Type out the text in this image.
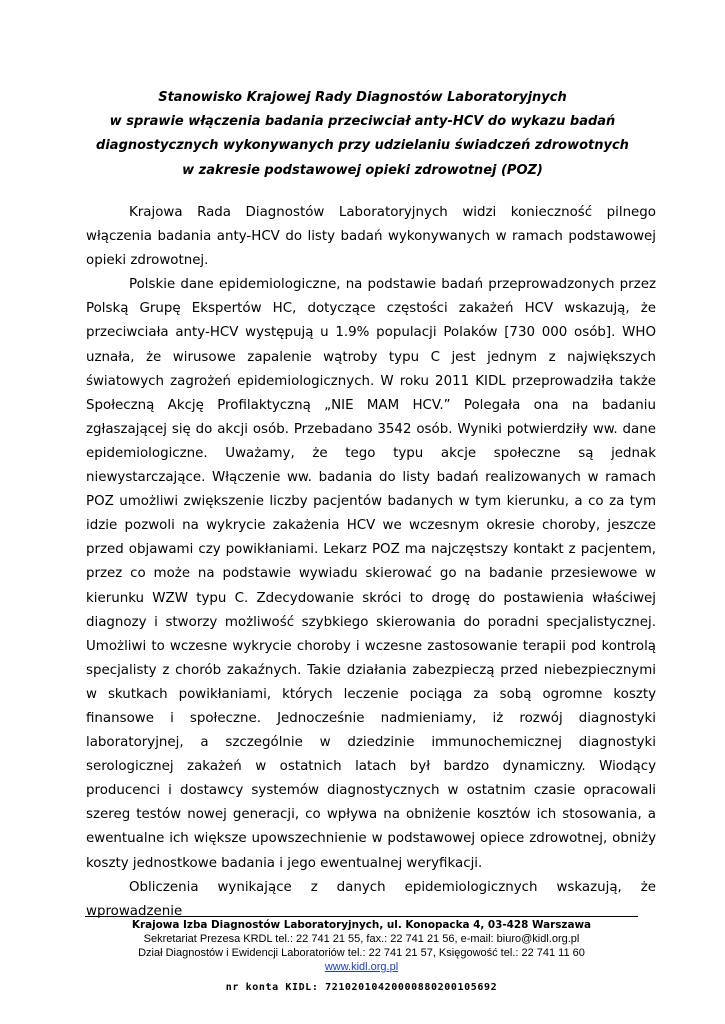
Stanowisko Krajowej Rady Diagnostów Laboratoryjnych
w sprawie włączenia badania przeciwciał anty-HCV do wykazu badań
diagnostycznych wykonywanych przy udzielaniu świadczeń zdrowotnych
w zakresie podstawowej opieki zdrowotnej (POZ)

Krajowa Rada Diagnostów Laboratoryjnych widzi konieczność pilnego włączenia badania anty-HCV do listy badań wykonywanych w ramach podstawowej opieki zdrowotnej.

Polskie dane epidemiologiczne, na podstawie badań przeprowadzonych przez Polską Grupę Ekspertów HC, dotyczące częstości zakażeń HCV wskazują, że przeciwciała anty-HCV występują u 1.9% populacji Polaków [730 000 osób]. WHO uznała, że wirusowe zapalenie wątroby typu C jest jednym z największych światowych zagrożeń epidemiologicznych. W roku 2011 KIDL przeprowadziła także Społeczną Akcję Profilaktyczną „NIE MAM HCV.” Polegała ona na badaniu zgłaszającej się do akcji osób. Przebadano 3542 osób. Wyniki potwierdziły ww. dane epidemiologiczne. Uważamy, że tego typu akcje społeczne są jednak niewystarczające. Włączenie ww. badania do listy badań realizowanych w ramach POZ umożliwi zwiększenie liczby pacjentów badanych w tym kierunku, a co za tym idzie pozwoli na wykrycie zakażenia HCV we wczesnym okresie choroby, jeszcze przed objawami czy powikłaniami. Lekarz POZ ma najczęstszy kontakt z pacjentem, przez co może na podstawie wywiadu skierować go na badanie przesiewowe w kierunku WZW typu C. Zdecydowanie skróci to drogę do postawienia właściwej diagnozy i stworzy możliwość szybkiego skierowania do poradni specjalistycznej. Umożliwi to wczesne wykrycie choroby i wczesne zastosowanie terapii pod kontrolą specjalisty z chorób zakaźnych. Takie działania zabezpieczą przed niebezpiecznymi w skutkach powikłaniami, których leczenie pociąga za sobą ogromne koszty finansowe i społeczne. Jednocześnie nadmieniamy, iż rozwój diagnostyki laboratoryjnej, a szczególnie w dziedzinie immunochemicznej diagnostyki serologicznej zakażeń w ostatnich latach był bardzo dynamiczny. Wiodący producenci i dostawcy systemów diagnostycznych w ostatnim czasie opracowali szereg testów nowej generacji, co wpływa na obniżenie kosztów ich stosowania, a ewentualne ich większe upowszechnienie w podstawowej opiece zdrowotnej, obniży koszty jednostkowe badania i jego ewentualnej weryfikacji.

Obliczenia wynikające z danych epidemiologicznych wskazują, że wprowadzenie

Krajowa Izba Diagnostów Laboratoryjnych, ul. Konopacka 4, 03-428 Warszawa
Sekretariat Prezesa KRDL tel.: 22 741 21 55, fax.: 22 741 21 56, e-mail: biuro@kidl.org.pl
Dział Diagnostów i Ewidencji Laboratoriów tel.: 22 741 21 57, Księgowość tel.: 22 741 11 60
www.kidl.org.pl
nr konta KIDL: 72102010420000880200105692
